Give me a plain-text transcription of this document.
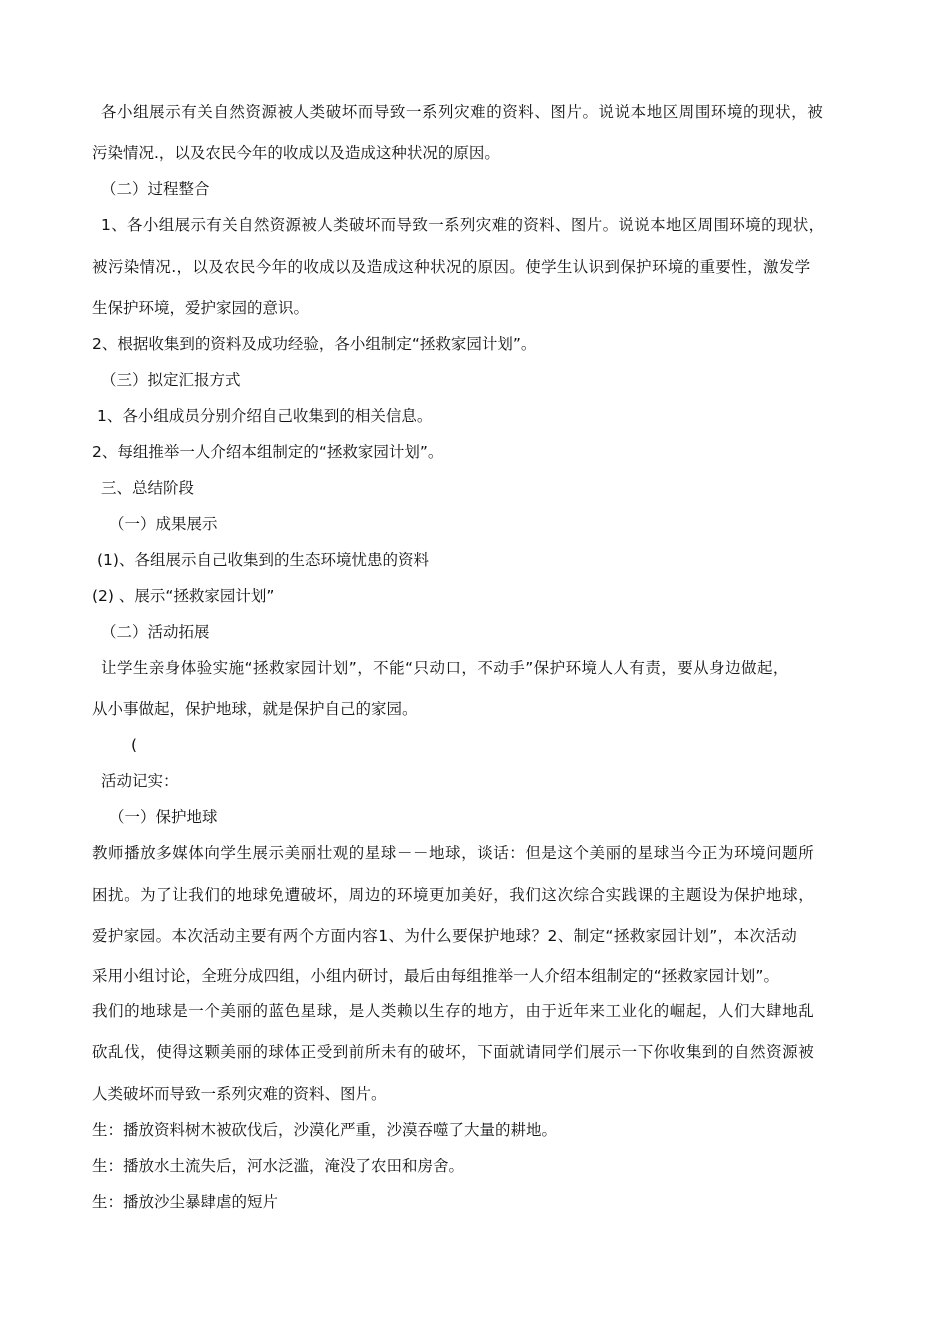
各小组展示有关自然资源被人类破坏而导致一系列灾难的资料、图片。说说本地区周围环境的现状，被
污染情况.，以及农民今年的收成以及造成这种状况的原因。
（二）过程整合
1、各小组展示有关自然资源被人类破坏而导致一系列灾难的资料、图片。说说本地区周围环境的现状，
被污染情况.，以及农民今年的收成以及造成这种状况的原因。使学生认识到保护环境的重要性，激发学
生保护环境，爱护家园的意识。
2、根据收集到的资料及成功经验，各小组制定“拯救家园计划”。
（三）拟定汇报方式
1、各小组成员分别介绍自己收集到的相关信息。
2、每组推举一人介绍本组制定的“拯救家园计划”。
三、总结阶段
（一）成果展示
(1)、各组展示自己收集到的生态环境忧患的资料
(2) 、展示“拯救家园计划”
（二）活动拓展
让学生亲身体验实施“拯救家园计划”，不能“只动口，不动手”保护环境人人有责，要从身边做起，
从小事做起，保护地球，就是保护自己的家园。
(
活动记实：
（一）保护地球
教师播放多媒体向学生展示美丽壮观的星球－－地球，谈话：但是这个美丽的星球当今正为环境问题所
困扰。为了让我们的地球免遭破坏，周边的环境更加美好，我们这次综合实践课的主题设为保护地球，
爱护家园。本次活动主要有两个方面内容1、为什么要保护地球？2、制定“拯救家园计划”，本次活动
采用小组讨论，全班分成四组，小组内研讨，最后由每组推举一人介绍本组制定的“拯救家园计划”。
我们的地球是一个美丽的蓝色星球，是人类赖以生存的地方，由于近年来工业化的崛起，人们大肆地乱
砍乱伐，使得这颗美丽的球体正受到前所未有的破坏，下面就请同学们展示一下你收集到的自然资源被
人类破坏而导致一系列灾难的资料、图片。
生：播放资料树木被砍伐后，沙漠化严重，沙漠吞噬了大量的耕地。
生：播放水土流失后，河水泛滥，淹没了农田和房舍。
生：播放沙尘暴肆虐的短片
